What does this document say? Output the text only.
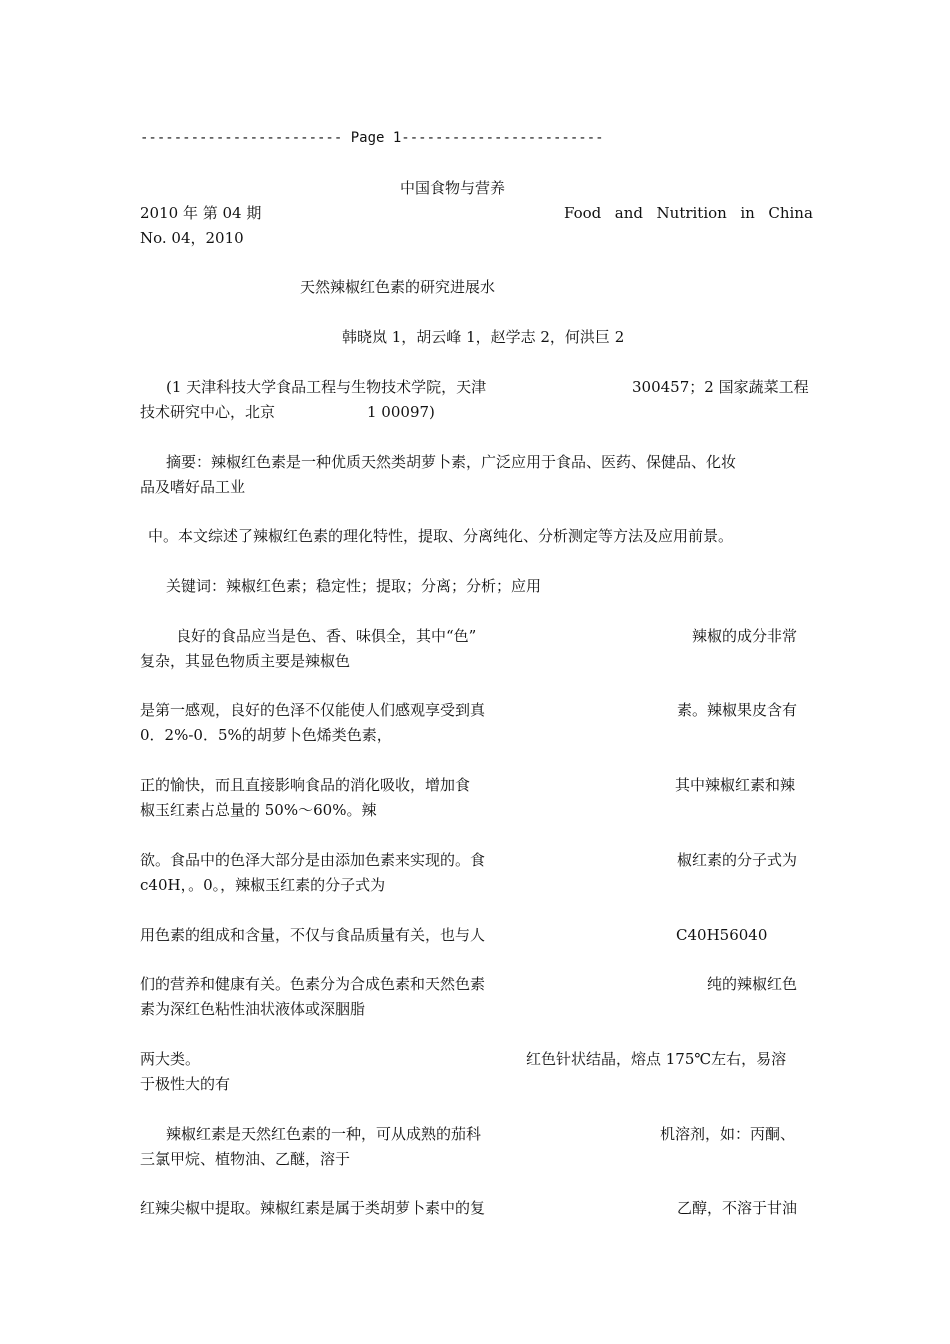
------------------------ Page 1------------------------
中国食物与营养
2010 年 第 04 期	Food  and  Nutrition  in  China
No. 04，2010
天然辣椒红色素的研究进展水
韩晓岚 1，胡云峰 1，赵学志 2，何洪巨 2
(1 天津科技大学食品工程与生物技术学院，天津	300457；2 国家蔬菜工程
技术研究中心，北京	1 00097)
摘要：辣椒红色素是一种优质天然类胡萝卜素，广泛应用于食品、医药、保健品、化妆
品及嗜好品工业
中。本文综述了辣椒红色素的理化特性，提取、分离纯化、分析测定等方法及应用前景。
关键词：辣椒红色素；稳定性；提取；分离；分析；应用
良好的食品应当是色、香、味俱全，其中“色”	辣椒的成分非常
复杂，其显色物质主要是辣椒色
是第一感观，良好的色泽不仅能使人们感观享受到真	素。辣椒果皮含有
0．2%-0．5%的胡萝卜色烯类色素，
正的愉快，而且直接影响食品的消化吸收，增加食	其中辣椒红素和辣
椒玉红素占总量的 50%～60%。辣
欲。食品中的色泽大部分是由添加色素来实现的。食	椒红素的分子式为
c40H，。0。，辣椒玉红素的分子式为
用色素的组成和含量，不仅与食品质量有关，也与人	C40H56040
们的营养和健康有关。色素分为合成色素和天然色素	纯的辣椒红色
素为深红色粘性油状液体或深胭脂
两大类。	红色针状结晶，熔点 175℃左右，易溶
于极性大的有
辣椒红素是天然红色素的一种，可从成熟的茄科	机溶剂，如：丙酮、
三氯甲烷、植物油、乙醚，溶于
红辣尖椒中提取。辣椒红素是属于类胡萝卜素中的复	乙醇，不溶于甘油
